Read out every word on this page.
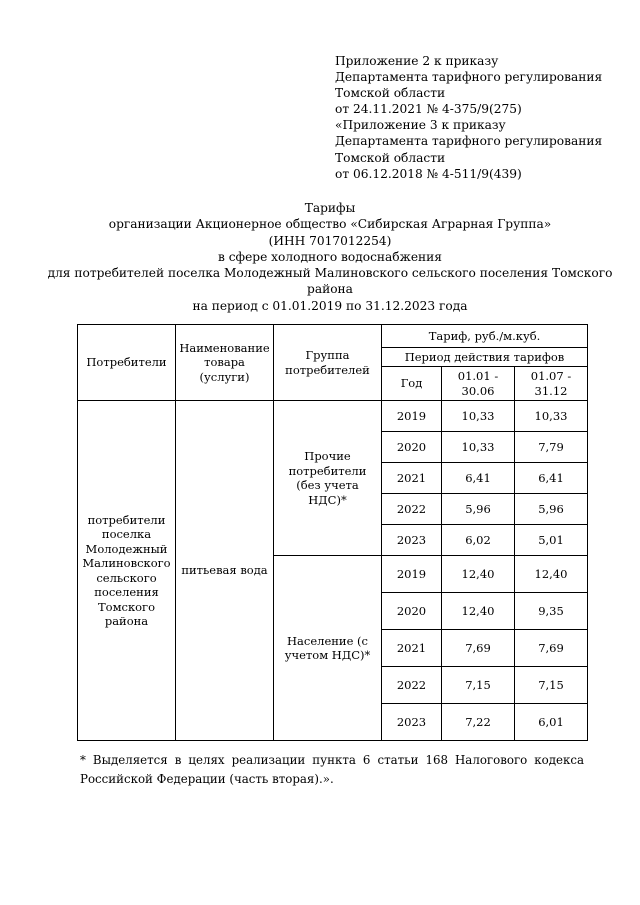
Приложение 2 к приказу
Департамента тарифного регулирования
Томской области
от 24.11.2021 № 4-375/9(275)
«Приложение 3 к приказу
Департамента тарифного регулирования
Томской области
от 06.12.2018 № 4-511/9(439)
Тарифы
организации Акционерное общество «Сибирская Аграрная Группа»
(ИНН 7017012254)
в сфере холодного водоснабжения
для потребителей поселка Молодежный Малиновского сельского поселения Томского
района
на период с 01.01.2019 по 31.12.2023 года
Потребители	Наименование товара (услуги)	Группа потребителей	Тариф, руб./м.куб.		
			Период действия тарифов		
			Год	01.01 - 30.06	01.07 - 31.12
потребители поселка Молодежный Малиновского сельского поселения Томского района	питьевая вода	Прочие потребители (без учета НДС)*	2019	10,33	10,33
			2020	10,33	7,79
			2021	6,41	6,41
			2022	5,96	5,96
			2023	6,02	5,01
		Население (с учетом НДС)*	2019	12,40	12,40
			2020	12,40	9,35
			2021	7,69	7,69
			2022	7,15	7,15
			2023	7,22	6,01
* Выделяется в целях реализации пункта 6 статьи 168 Налогового кодекса Российской Федерации (часть вторая).».
